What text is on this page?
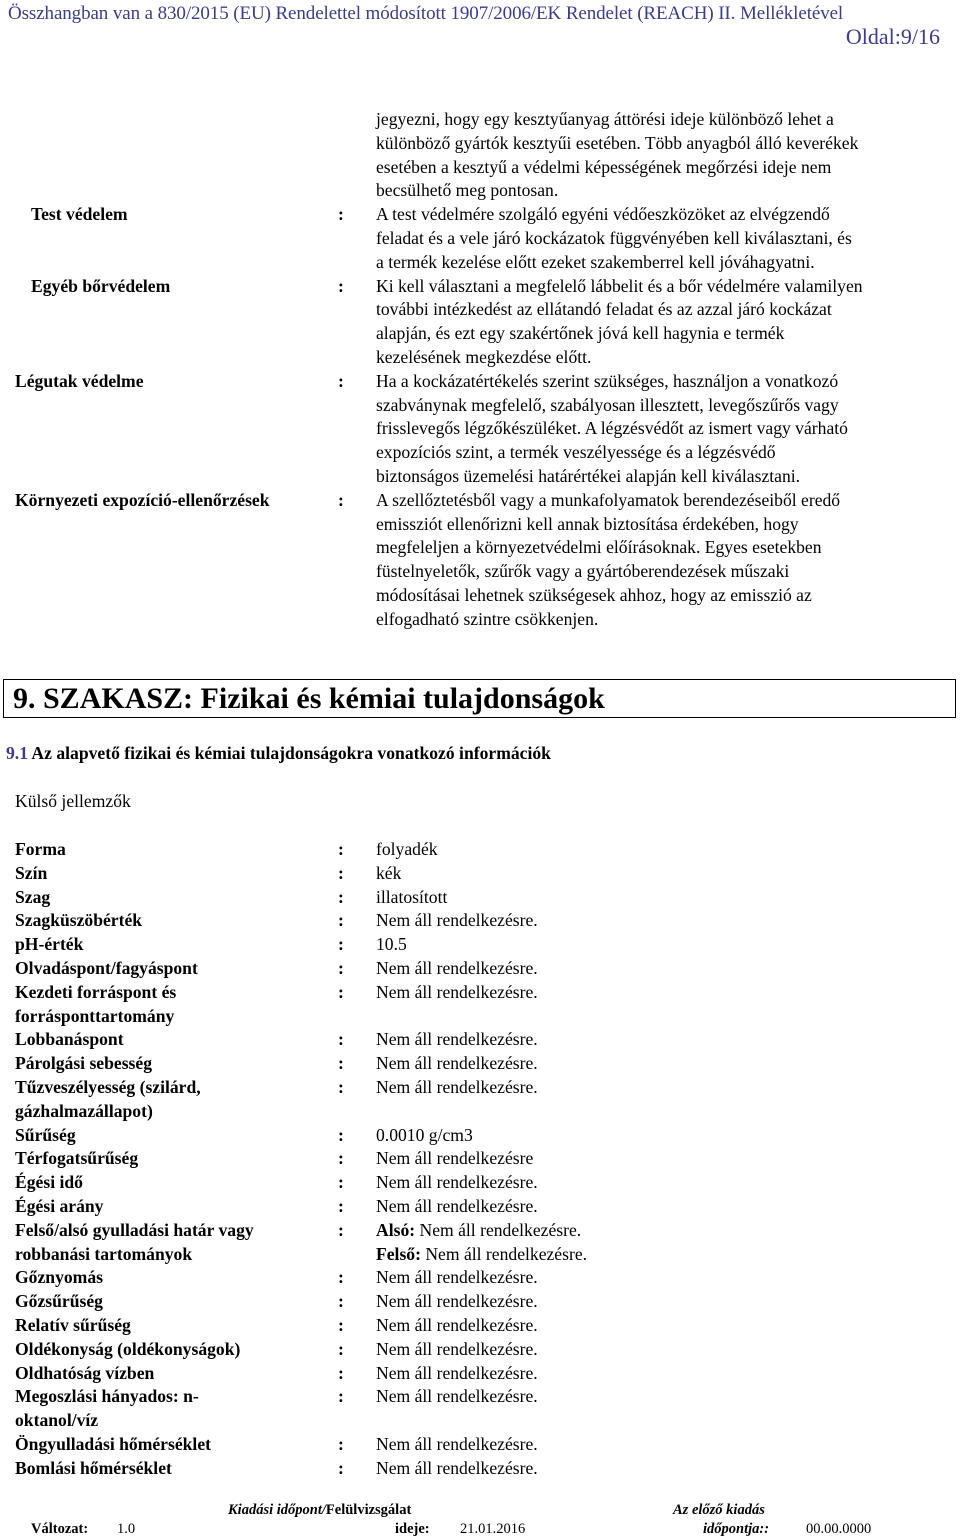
Összhangban van a 830/2015 (EU) Rendelettel módosított 1907/2006/EK Rendelet (REACH) II. Mellékletével
Oldal:9/16
jegyezni, hogy egy kesztyűanyag áttörési ideje különböző lehet a
különböző gyártók kesztyűi esetében. Több anyagból álló keverékek
esetében a kesztyű a védelmi képességének megőrzési ideje nem
becsülhető meg pontosan.
Test védelem	: A test védelmére szolgáló egyéni védőeszközöket az elvégzendő
feladat és a vele járó kockázatok függvényében kell kiválasztani, és
a termék kezelése előtt ezeket szakemberrel kell jóváhagyatni.
Egyéb bőrvédelem	: Ki kell választani a megfelelő lábbelit és a bőr védelmére valamilyen
további intézkedést az ellátandó feladat és az azzal járó kockázat
alapján, és ezt egy szakértőnek jóvá kell hagynia e termék
kezelésének megkezdése előtt.
Légutak védelme	: Ha a kockázatértékelés szerint szükséges, használjon a vonatkozó
szabványnak megfelelő, szabályosan illesztett, levegőszűrős vagy
frisslevegős légzőkészüléket. A légzésvédőt az ismert vagy várható
expozíciós szint, a termék veszélyessége és a légzésvédő
biztonságos üzemelési határértékei alapján kell kiválasztani.
Környezeti expozíció-ellenőrzések	: A szellőztetésből vagy a munkafolyamatok berendezéseiből eredő
emissziót ellenőrizni kell annak biztosítása érdekében, hogy
megfeleljen a környezetvédelmi előírásoknak. Egyes esetekben
füstelnyeletők, szűrők vagy a gyártóberendezések műszaki
módosításai lehetnek szükségesek ahhoz, hogy az emisszió az
elfogadható szintre csökkenjen.
9. SZAKASZ: Fizikai és kémiai tulajdonságok
9.1 Az alapvető fizikai és kémiai tulajdonságokra vonatkozó információk
Külső jellemzők
Forma	: folyadék
Szín	: kék
Szag	: illatosított
Szagküszöbérték	: Nem áll rendelkezésre.
pH-érték	: 10.5
Olvadáspont/fagyáspont	: Nem áll rendelkezésre.
Kezdeti forráspont és
forrásponttartomány
: Nem áll rendelkezésre.
Lobbanáspont	: Nem áll rendelkezésre.
Párolgási sebesség	: Nem áll rendelkezésre.
Tűzveszélyesség (szilárd,
gázhalmazállapot)
: Nem áll rendelkezésre.
Sűrűség	: 0.0010 g/cm3
Térfogatsűrűség	: Nem áll rendelkezésre
Égési idő	: Nem áll rendelkezésre.
Égési arány	: Nem áll rendelkezésre.
Felső/alsó gyulladási határ vagy
robbanási tartományok
: Alsó: Nem áll rendelkezésre.
Felső: Nem áll rendelkezésre.
Gőznyomás	: Nem áll rendelkezésre.
Gőzsűrűség	: Nem áll rendelkezésre.
Relatív sűrűség	: Nem áll rendelkezésre.
Oldékonyság (oldékonyságok)	: Nem áll rendelkezésre.
Oldhatóság vízben	: Nem áll rendelkezésre.
Megoszlási hányados: n-
oktanol/víz
: Nem áll rendelkezésre.
Öngyulladási hőmérséklet	: Nem áll rendelkezésre.
Bomlási hőmérséklet	: Nem áll rendelkezésre.
Kiadási időpont/Felülvizsgálat	Az előző kiadás
Változat: 1.0	ideje: 21.01.2016	időpontja::	00.00.0000
